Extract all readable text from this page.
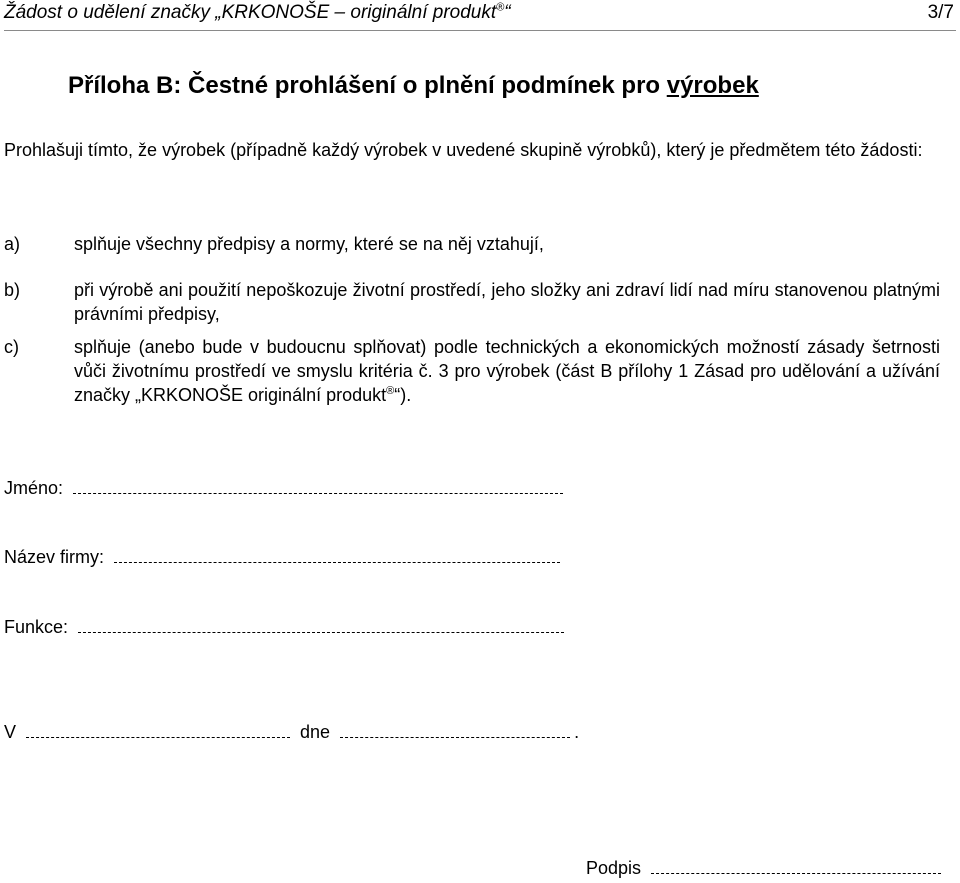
Žádost o udělení značky „KRKONOŠE – originální produkt®“	3/7
Příloha B: Čestné prohlášení o plnění podmínek pro výrobek
Prohlašuji tímto, že výrobek (případně každý výrobek v uvedené skupině výrobků), který je předmětem této žádosti:
a)	splňuje všechny předpisy a normy, které se na něj vztahují,
b)	při výrobě ani použití nepoškozuje životní prostředí, jeho složky ani zdraví lidí nad míru stanovenou platnými právními předpisy,
c)	splňuje (anebo bude v budoucnu splňovat) podle technických a ekonomických možností zásady šetrnosti vůči životnímu prostředí ve smyslu kritéria č. 3 pro výrobek (část B přílohy 1 Zásad pro udělování a užívání značky „KRKONOŠE originální produkt®“).
Jméno:
Název firmy:
Funkce:
V	dne	.
Podpis
